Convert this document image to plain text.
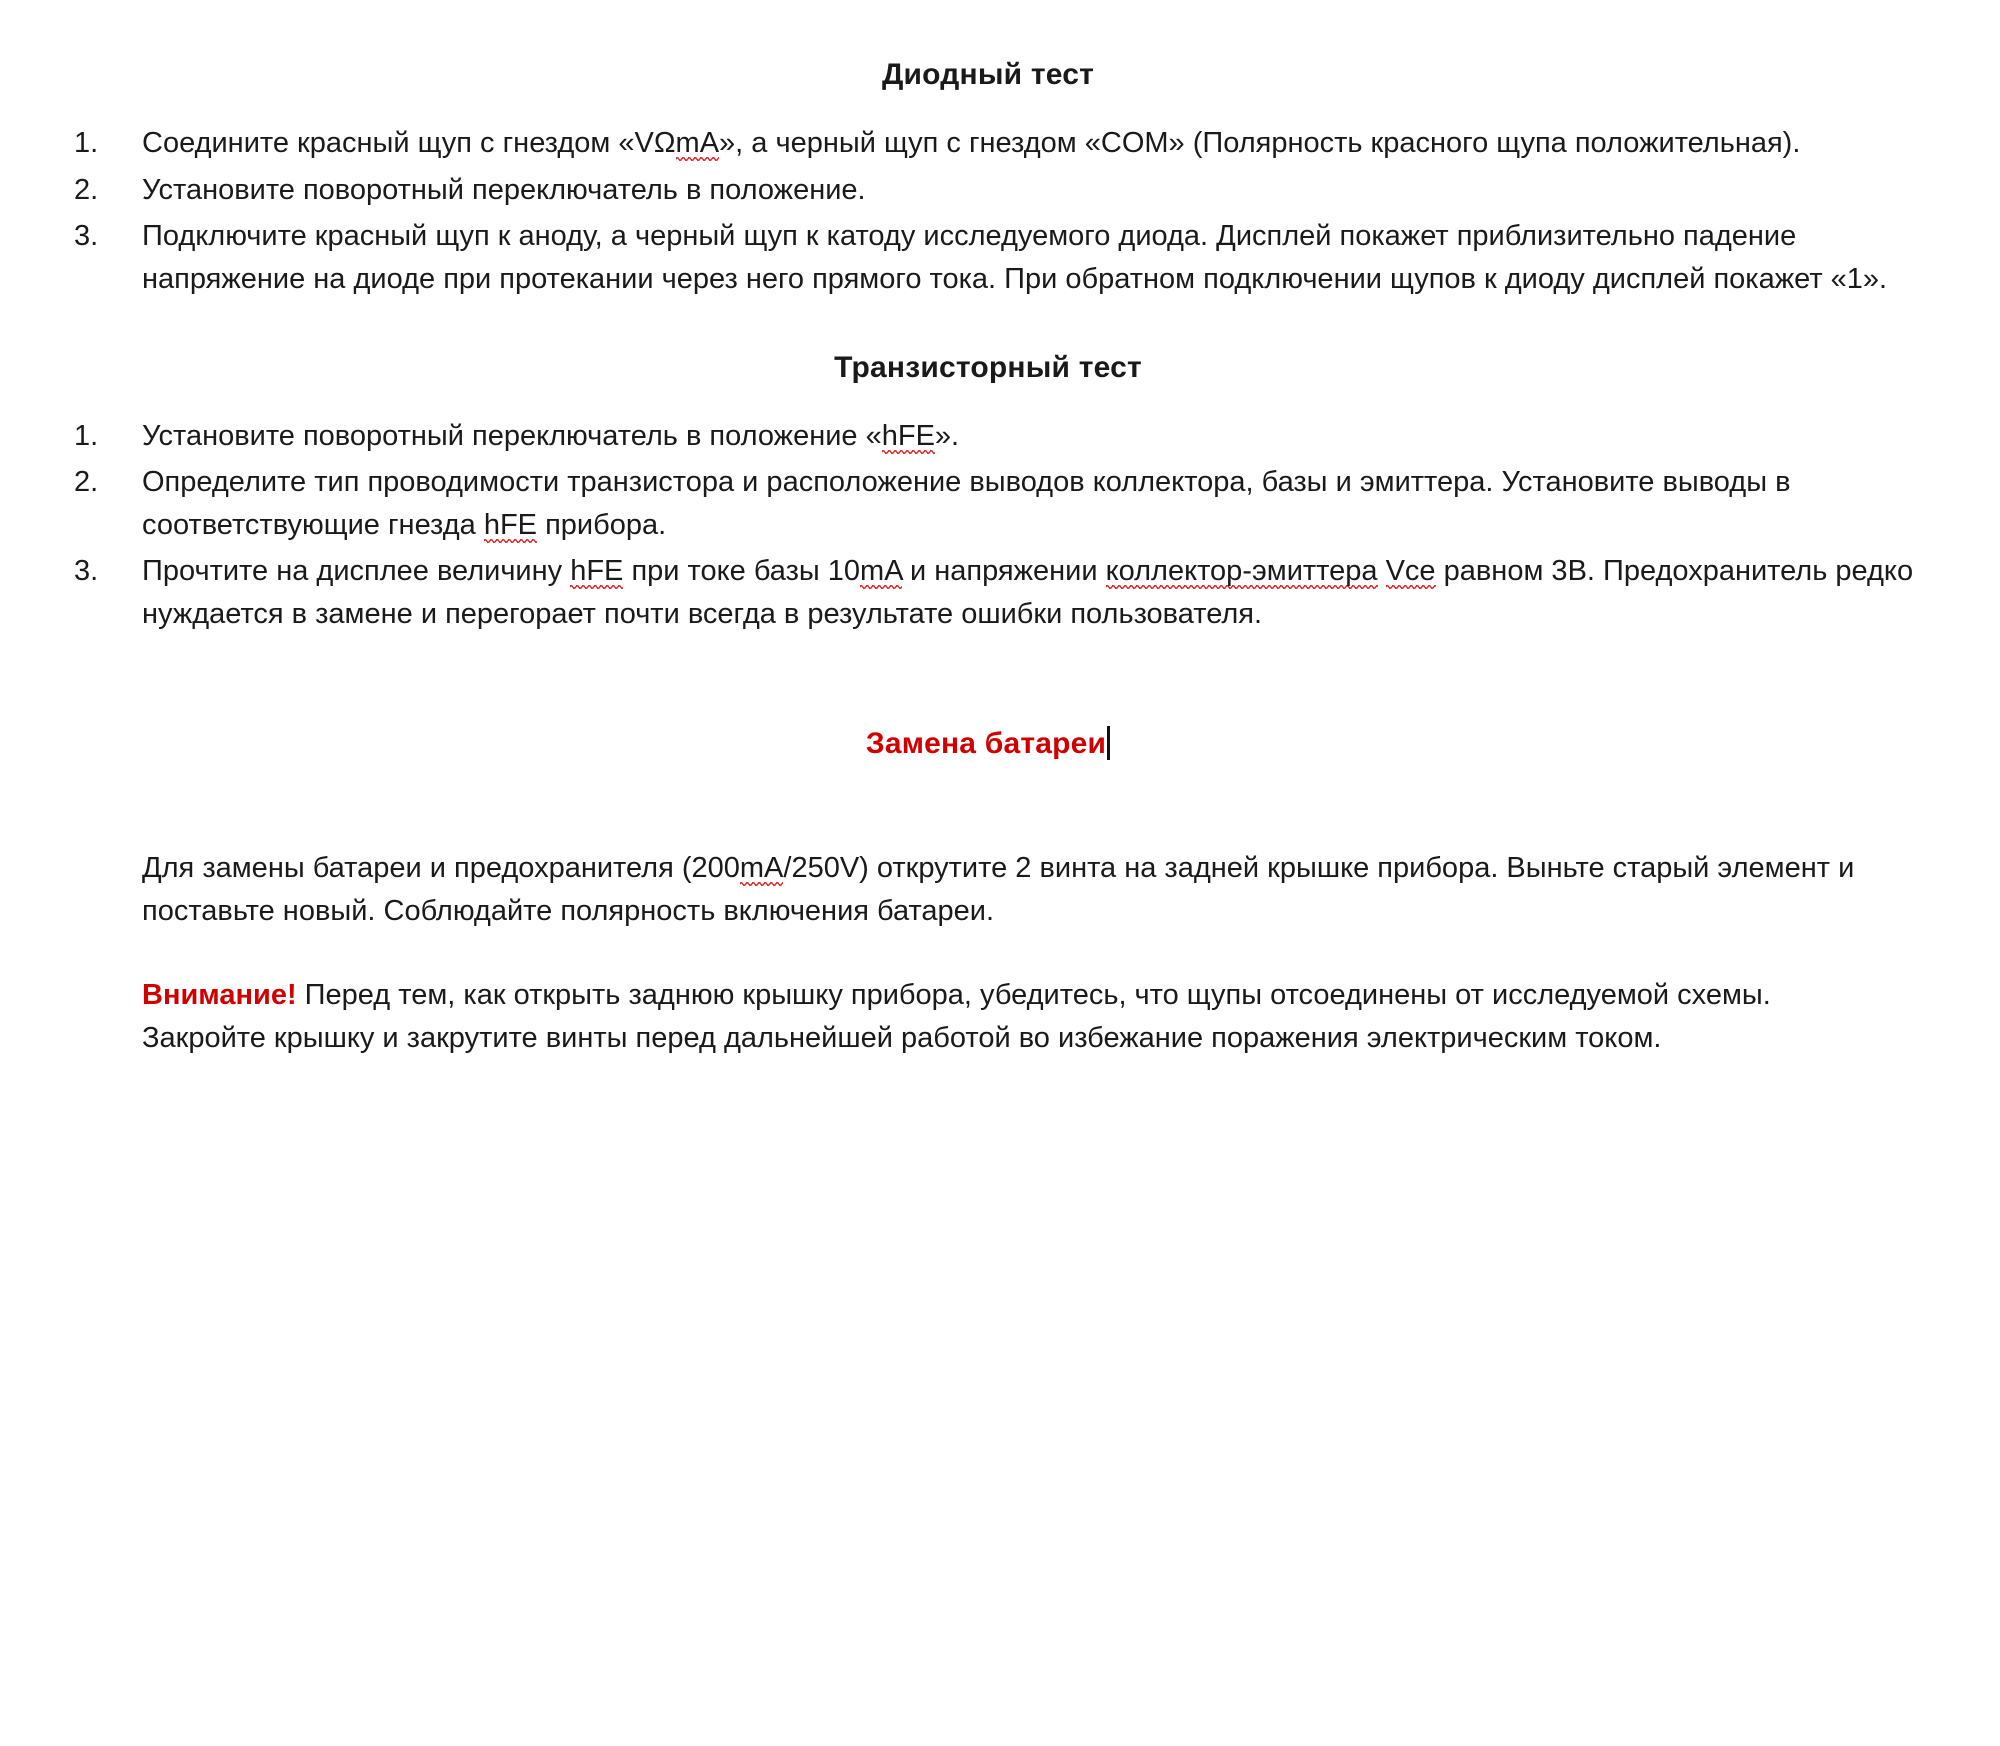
Диодный тест
1.	Соедините красный щуп с гнездом «VΩmA», а черный щуп с гнездом «COM» (Полярность красного щупа положительная).
2.	Установите поворотный переключатель в положение.
3.	Подключите красный щуп к аноду, а черный щуп к катоду исследуемого диода. Дисплей покажет приблизительно падение напряжение на диоде при протекании через него прямого тока. При обратном подключении щупов к диоду дисплей покажет «1».
Транзисторный тест
1.	Установите поворотный переключатель в положение «hFE».
2.	Определите тип проводимости транзистора и расположение выводов коллектора, базы и эмиттера. Установите выводы в соответствующие гнезда hFE прибора.
3.	Прочтите на дисплее величину hFE при токе базы 10mA и напряжении коллектор-эмиттера Vce равном 3В. Предохранитель редко нуждается в замене и перегорает почти всегда в результате ошибки пользователя.
Замена батареи

Для замены батареи и предохранителя (200mA/250V) открутите 2 винта на задней крышке прибора. Выньте старый элемент и поставьте новый. Соблюдайте полярность включения батареи.

Внимание! Перед тем, как открыть заднюю крышку прибора, убедитесь, что щупы отсоединены от исследуемой схемы. Закройте крышку и закрутите винты перед дальнейшей работой во избежание поражения электрическим током.
